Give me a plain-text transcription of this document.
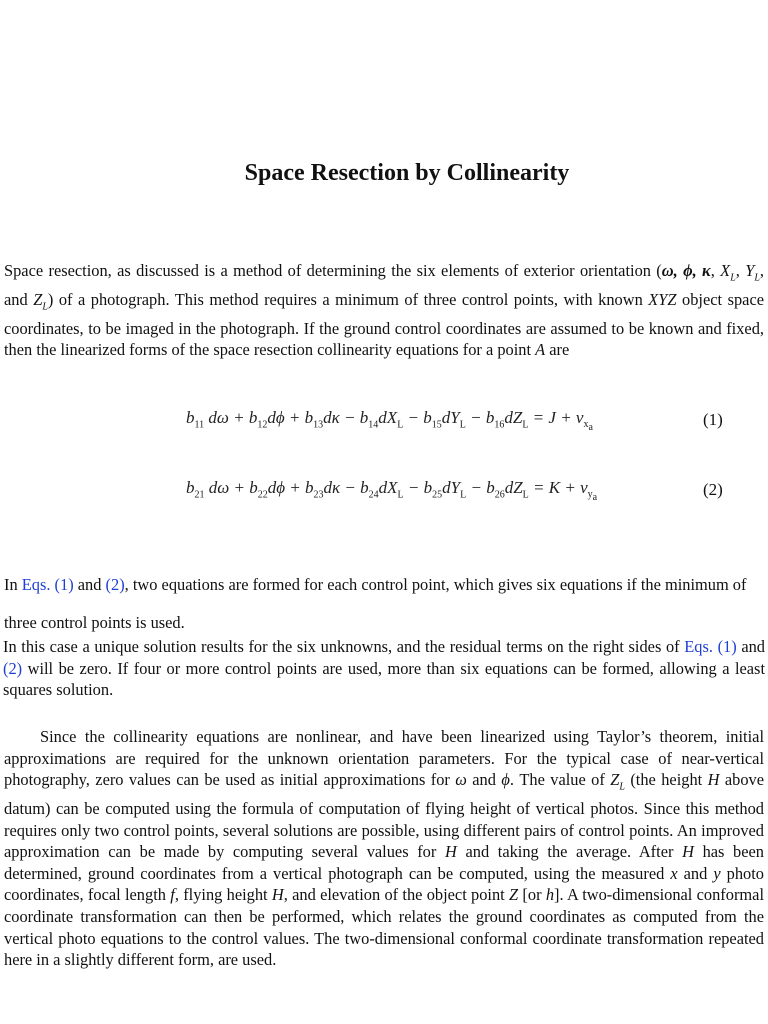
Space Resection by Collinearity

Space resection, as discussed is a method of determining the six elements of exterior orientation (ω, ϕ, κ, $X_L$, $Y_L$, and $Z_L$) of a photograph. This method requires a minimum of three control points, with known XYZ object space coordinates, to be imaged in the photograph. If the ground control coordinates are assumed to be known and fixed, then the linearized forms of the space resection collinearity equations for a point A are

$b_{11}$ $d\omega + b_{12}d\phi + b_{13}d\kappa - b_{14}dX_L - b_{15}dY_L - b_{16}dZ_L = J + v_{x_a}$	(1)
$b_{21}$ $d\omega + b_{22}d\phi + b_{23}d\kappa - b_{24}dX_L - b_{25}dY_L - b_{26}dZ_L = K + v_{y_a}$	(2)

In Eqs. (1) and (2), two equations are formed for each control point, which gives six equations if the minimum of three control points is used.

In this case a unique solution results for the six unknowns, and the residual terms on the right sides of Eqs. (1) and (2) will be zero. If four or more control points are used, more than six equations can be formed, allowing a least squares solution.

Since the collinearity equations are nonlinear, and have been linearized using Taylor’s theorem, initial approximations are required for the unknown orientation parameters. For the typical case of near-vertical photography, zero values can be used as initial approximations for ω and ϕ. The value of $Z_L$ (the height H above datum) can be computed using the formula of computation of flying height of vertical photos. Since this method requires only two control points, several solutions are possible, using different pairs of control points. An improved approximation can be made by computing several values for H and taking the average. After H has been determined, ground coordinates from a vertical photograph can be computed, using the measured x and y photo coordinates, focal length f, flying height H, and elevation of the object point Z [or h]. A two-dimensional conformal coordinate transformation can then be performed, which relates the ground coordinates as computed from the vertical photo equations to the control values. The two-dimensional conformal coordinate transformation repeated here in a slightly different form, are used.
